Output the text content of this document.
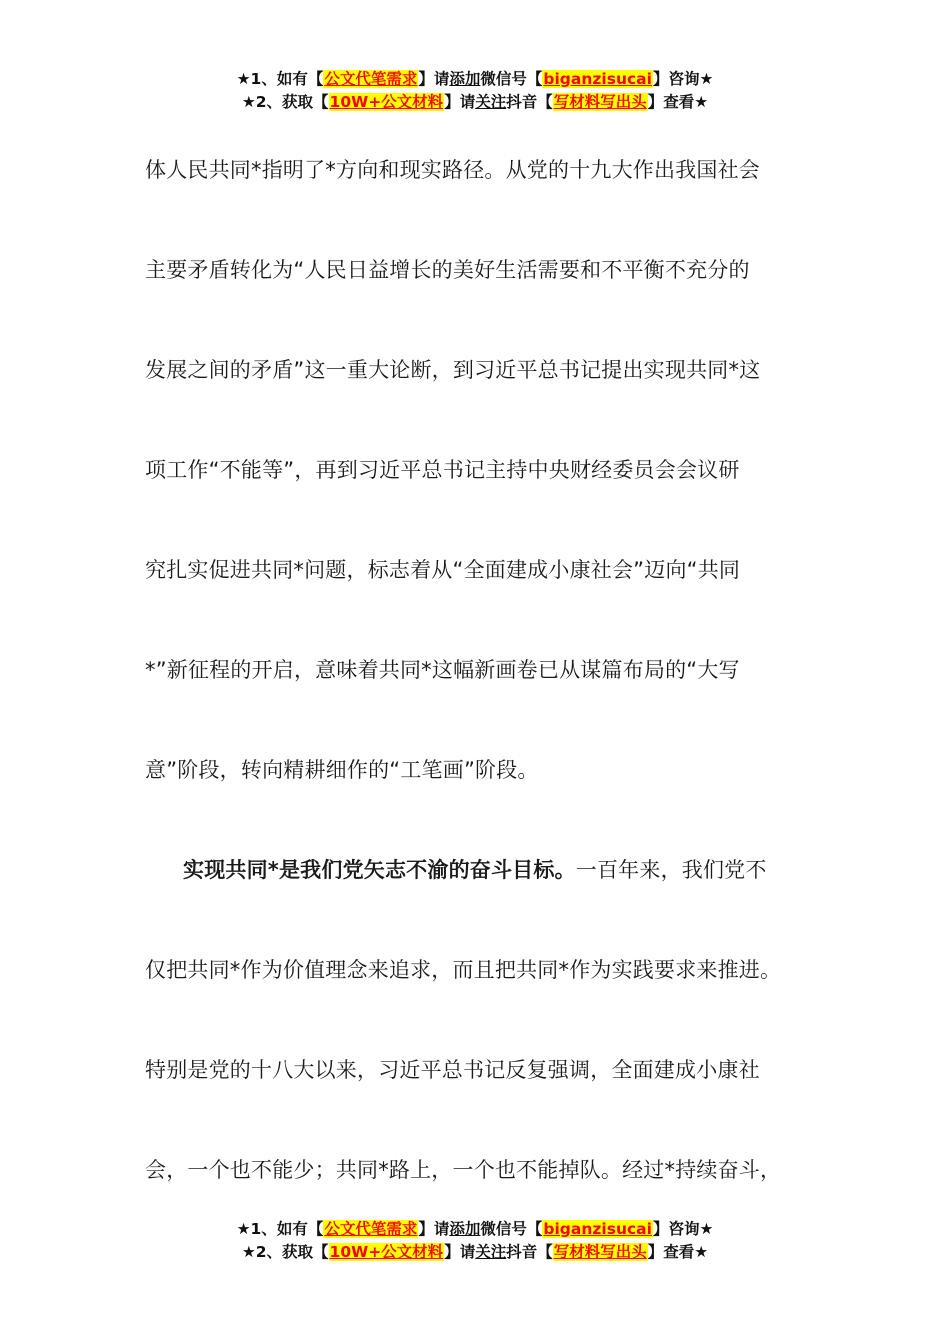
★1、如有【公文代笔需求】请添加微信号【biganzisucai】咨询★
★2、获取【10W+公文材料】请关注抖音【写材料写出头】查看★
体人民共同*指明了*方向和现实路径。从党的十九大作出我国社会
主要矛盾转化为“人民日益增长的美好生活需要和不平衡不充分的
发展之间的矛盾”这一重大论断，到习近平总书记提出实现共同*这
项工作“不能等”，再到习近平总书记主持中央财经委员会会议研
究扎实促进共同*问题，标志着从“全面建成小康社会”迈向“共同
*”新征程的开启，意味着共同*这幅新画卷已从谋篇布局的“大写
意”阶段，转向精耕细作的“工笔画”阶段。
实现共同*是我们党矢志不渝的奋斗目标。一百年来，我们党不
仅把共同*作为价值理念来追求，而且把共同*作为实践要求来推进。
特别是党的十八大以来，习近平总书记反复强调，全面建成小康社
会，一个也不能少；共同*路上，一个也不能掉队。经过*持续奋斗，
★1、如有【公文代笔需求】请添加微信号【biganzisucai】咨询★
★2、获取【10W+公文材料】请关注抖音【写材料写出头】查看★
